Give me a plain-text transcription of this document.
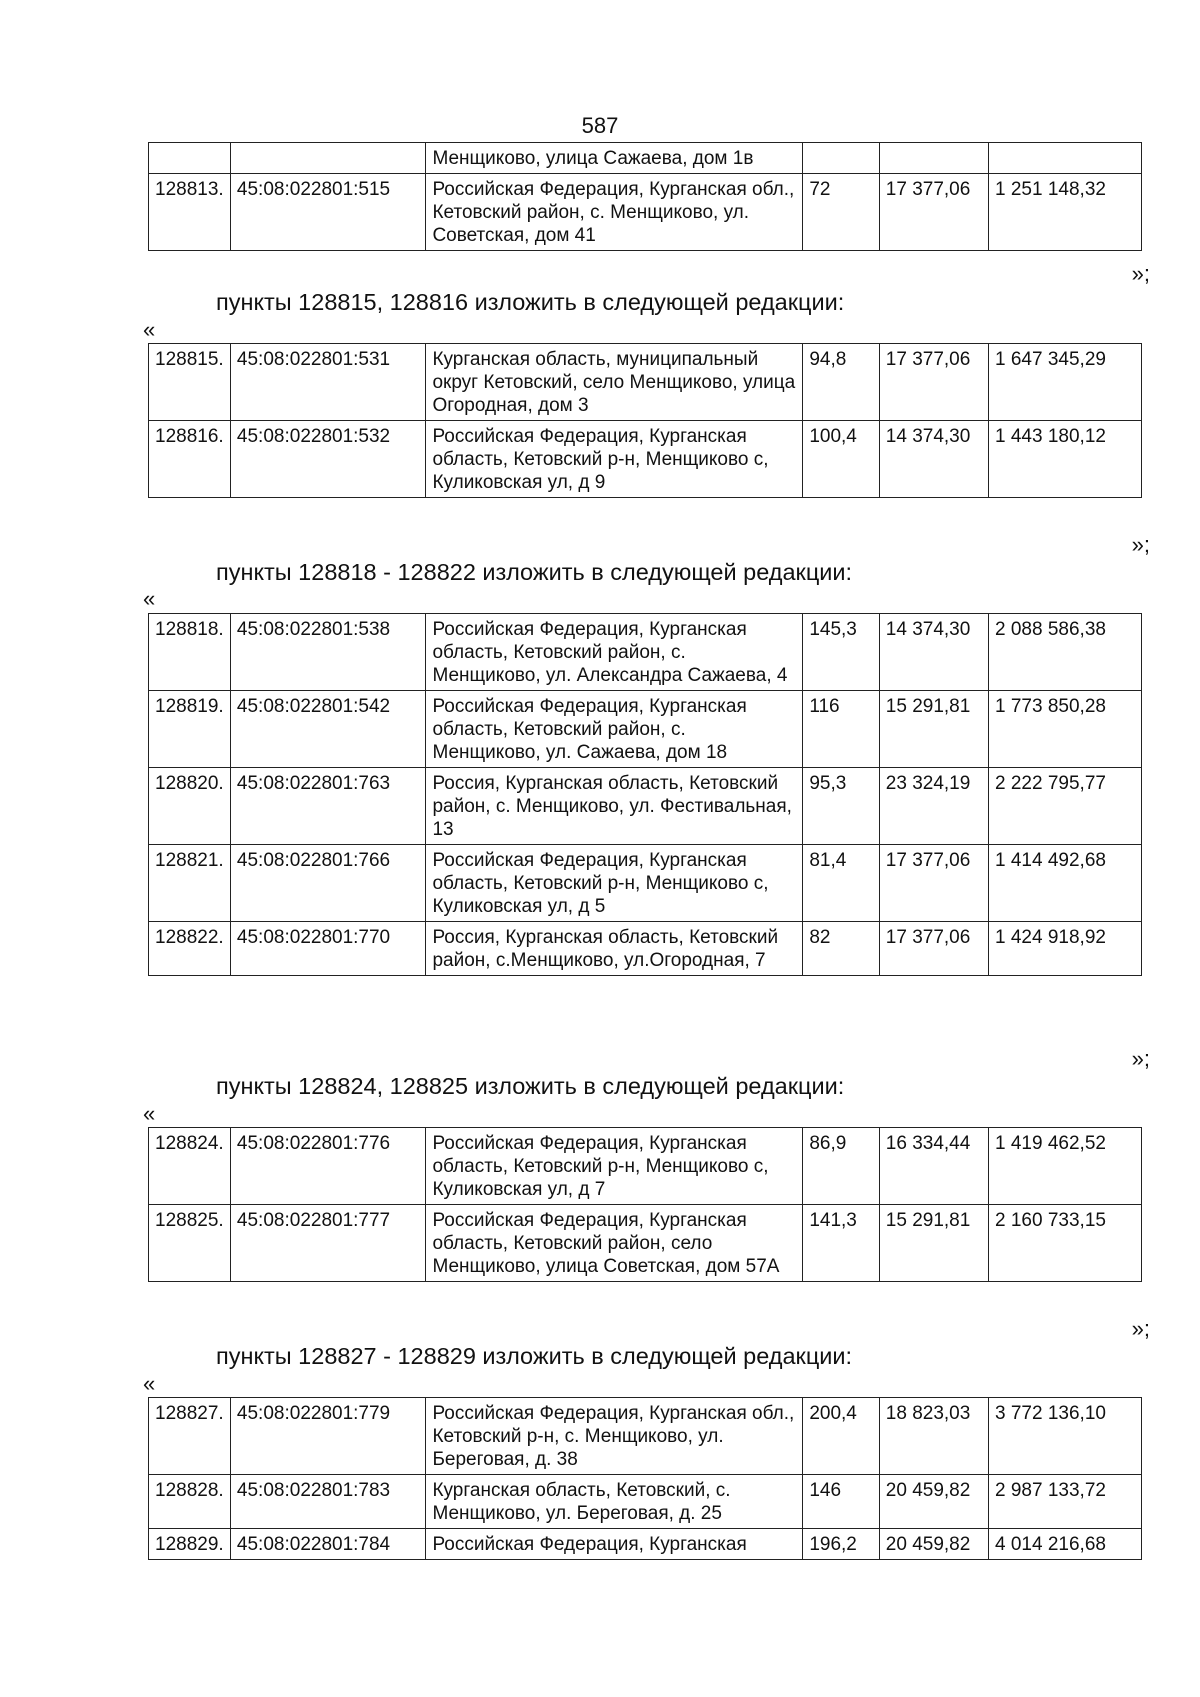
587
		Менщиково, улица Сажаева, дом 1в			
128813.	45:08:022801:515	Российская Федерация, Курганская обл., Кетовский район, с. Менщиково, ул. Советская, дом 41	72	17 377,06	1 251 148,32
»;
пункты 128815, 128816 изложить в следующей редакции:
«
128815.	45:08:022801:531	Курганская область, муниципальный округ Кетовский, село Менщиково, улица Огородная, дом 3	94,8	17 377,06	1 647 345,29
128816.	45:08:022801:532	Российская Федерация, Курганская область, Кетовский р-н, Менщиково с, Куликовская ул, д 9	100,4	14 374,30	1 443 180,12
»;
пункты 128818 - 128822 изложить в следующей редакции:
«
128818.	45:08:022801:538	Российская Федерация, Курганская область, Кетовский район, с. Менщиково, ул. Александра Сажаева, 4	145,3	14 374,30	2 088 586,38
128819.	45:08:022801:542	Российская Федерация, Курганская область, Кетовский район, с. Менщиково, ул. Сажаева, дом 18	116	15 291,81	1 773 850,28
128820.	45:08:022801:763	Россия, Курганская область, Кетовский район, с. Менщиково, ул. Фестивальная, 13	95,3	23 324,19	2 222 795,77
128821.	45:08:022801:766	Российская Федерация, Курганская область, Кетовский р-н, Менщиково с, Куликовская ул, д 5	81,4	17 377,06	1 414 492,68
128822.	45:08:022801:770	Россия, Курганская область, Кетовский район, с.Менщиково, ул.Огородная, 7	82	17 377,06	1 424 918,92
»;
пункты 128824, 128825 изложить в следующей редакции:
«
128824.	45:08:022801:776	Российская Федерация, Курганская область, Кетовский р-н, Менщиково с, Куликовская ул, д 7	86,9	16 334,44	1 419 462,52
128825.	45:08:022801:777	Российская Федерация, Курганская область, Кетовский район, село Менщиково, улица Советская, дом 57А	141,3	15 291,81	2 160 733,15
»;
пункты 128827 - 128829 изложить в следующей редакции:
«
128827.	45:08:022801:779	Российская Федерация, Курганская обл., Кетовский р-н, с. Менщиково, ул. Береговая, д. 38	200,4	18 823,03	3 772 136,10
128828.	45:08:022801:783	Курганская область, Кетовский, с. Менщиково, ул. Береговая, д. 25	146	20 459,82	2 987 133,72
128829.	45:08:022801:784	Российская Федерация, Курганская	196,2	20 459,82	4 014 216,68
